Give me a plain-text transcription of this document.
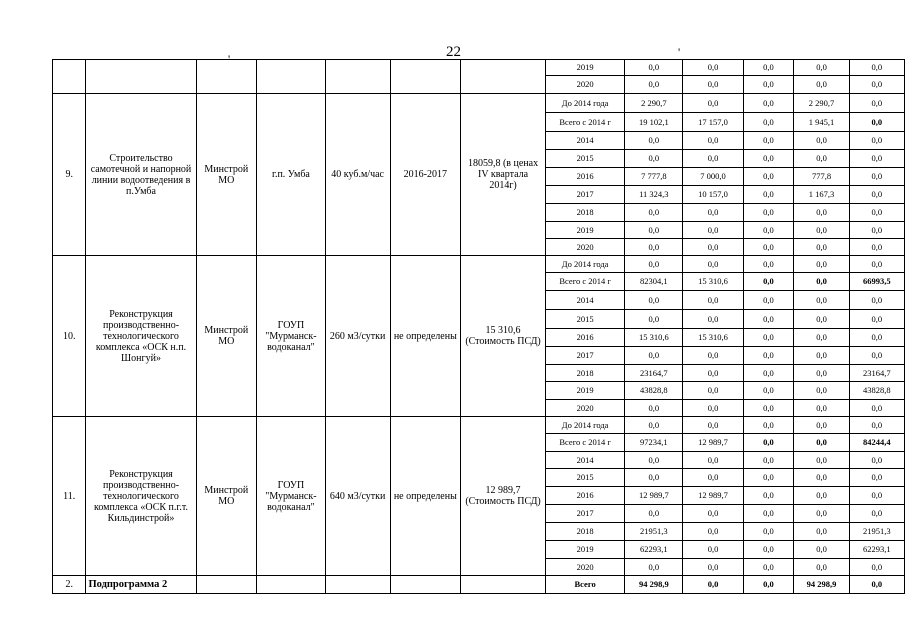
22
'	'
							2019	0,0	0,0	0,0	0,0	0,0
							2020	0,0	0,0	0,0	0,0	0,0
9.	Строительство самотечной и напорной линии водоотведения в п.Умба	Минстрой МО	г.п. Умба	40 куб.м/час	2016-2017	18059,8 (в ценах IV квартала 2014г)	До 2014 года	2 290,7	0,0	0,0	2 290,7	0,0
							Всего с 2014 г	19 102,1	17 157,0	0,0	1 945,1	0,0
							2014	0,0	0,0	0,0	0,0	0,0
							2015	0,0	0,0	0,0	0,0	0,0
							2016	7 777,8	7 000,0	0,0	777,8	0,0
							2017	11 324,3	10 157,0	0,0	1 167,3	0,0
							2018	0,0	0,0	0,0	0,0	0,0
							2019	0,0	0,0	0,0	0,0	0,0
							2020	0,0	0,0	0,0	0,0	0,0
10.	Реконструкция производственно-технологического комплекса «ОСК н.п. Шонгуй»	Минстрой МО	ГОУП "Мурманск-водоканал"	260 м3/сутки	не определены	15 310,6 (Стоимость ПСД)	До 2014 года	0,0	0,0	0,0	0,0	0,0
							Всего с 2014 г	82304,1	15 310,6	0,0	0,0	66993,5
							2014	0,0	0,0	0,0	0,0	0,0
							2015	0,0	0,0	0,0	0,0	0,0
							2016	15 310,6	15 310,6	0,0	0,0	0,0
							2017	0,0	0,0	0,0	0,0	0,0
							2018	23164,7	0,0	0,0	0,0	23164,7
							2019	43828,8	0,0	0,0	0,0	43828,8
							2020	0,0	0,0	0,0	0,0	0,0
11.	Реконструкция производственно-технологического комплекса «ОСК п.г.т. Кильдинстрой»	Минстрой МО	ГОУП "Мурманск-водоканал"	640 м3/сутки	не определены	12 989,7 (Стоимость ПСД)	До 2014 года	0,0	0,0	0,0	0,0	0,0
							Всего с 2014 г	97234,1	12 989,7	0,0	0,0	84244,4
							2014	0,0	0,0	0,0	0,0	0,0
							2015	0,0	0,0	0,0	0,0	0,0
							2016	12 989,7	12 989,7	0,0	0,0	0,0
							2017	0,0	0,0	0,0	0,0	0,0
							2018	21951,3	0,0	0,0	0,0	21951,3
							2019	62293,1	0,0	0,0	0,0	62293,1
							2020	0,0	0,0	0,0	0,0	0,0
2.	Подпрограмма 2						Всего	94 298,9	0,0	0,0	94 298,9	0,0
